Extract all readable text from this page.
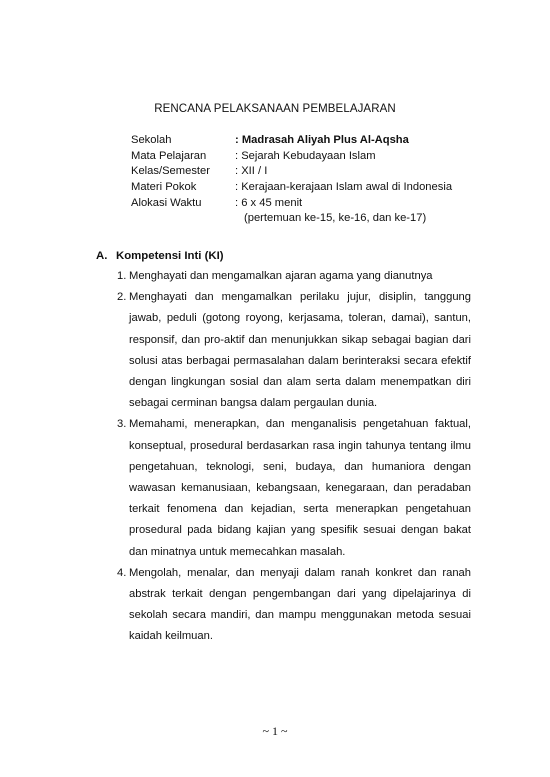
RENCANA PELAKSANAAN PEMBELAJARAN
Sekolah	: Madrasah Aliyah Plus Al-Aqsha
Mata Pelajaran	: Sejarah Kebudayaan Islam
Kelas/Semester	: XII / I
Materi Pokok	: Kerajaan-kerajaan Islam awal di Indonesia
Alokasi Waktu	: 6 x 45 menit
(pertemuan ke-15, ke-16, dan ke-17)
A. Kompetensi Inti (KI)
1. Menghayati dan mengamalkan ajaran agama yang dianutnya
2. Menghayati dan mengamalkan perilaku jujur, disiplin, tanggung jawab, peduli (gotong royong, kerjasama, toleran, damai), santun, responsif, dan pro-aktif dan menunjukkan sikap sebagai bagian dari solusi atas berbagai permasalahan dalam berinteraksi secara efektif dengan lingkungan sosial dan alam serta dalam menempatkan diri sebagai cerminan bangsa dalam pergaulan dunia.
3. Memahami, menerapkan, dan menganalisis pengetahuan faktual, konseptual, prosedural berdasarkan rasa ingin tahunya tentang ilmu pengetahuan, teknologi, seni, budaya, dan humaniora dengan wawasan kemanusiaan, kebangsaan, kenegaraan, dan peradaban terkait fenomena dan kejadian, serta menerapkan pengetahuan prosedural pada bidang kajian yang spesifik sesuai dengan bakat dan minatnya untuk memecahkan masalah.
4. Mengolah, menalar, dan menyaji dalam ranah konkret dan ranah abstrak terkait dengan pengembangan dari yang dipelajarinya di sekolah secara mandiri, dan mampu menggunakan metoda sesuai kaidah keilmuan.
~ 1 ~
